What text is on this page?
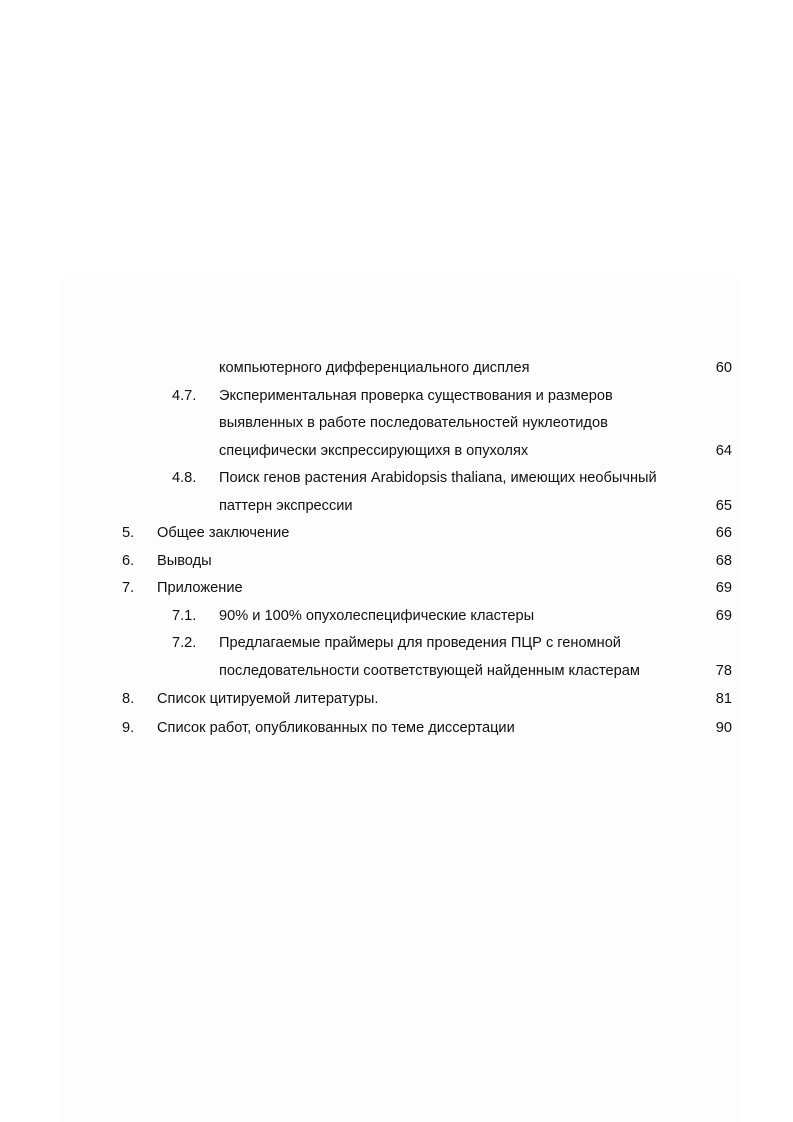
компьютерного дифференциального дисплея	60
4.7. Экспериментальная проверка существования и размеров
выявленных в работе последовательностей нуклеотидов
специфически экспрессирующихя в опухолях	64
4.8. Поиск генов растения Arabidopsis thaliana, имеющих необычный
паттерн экспрессии	65
5. Общее заключение	66
6. Выводы	68
7. Приложение	69
7.1. 90% и 100% опухолеспецифические кластеры	69
7.2. Предлагаемые праймеры для проведения ПЦР с геномной
последовательности соответствующей найденным кластерам	78
8. Список цитируемой литературы.	81
9. Список работ, опубликованных по теме диссертации	90
